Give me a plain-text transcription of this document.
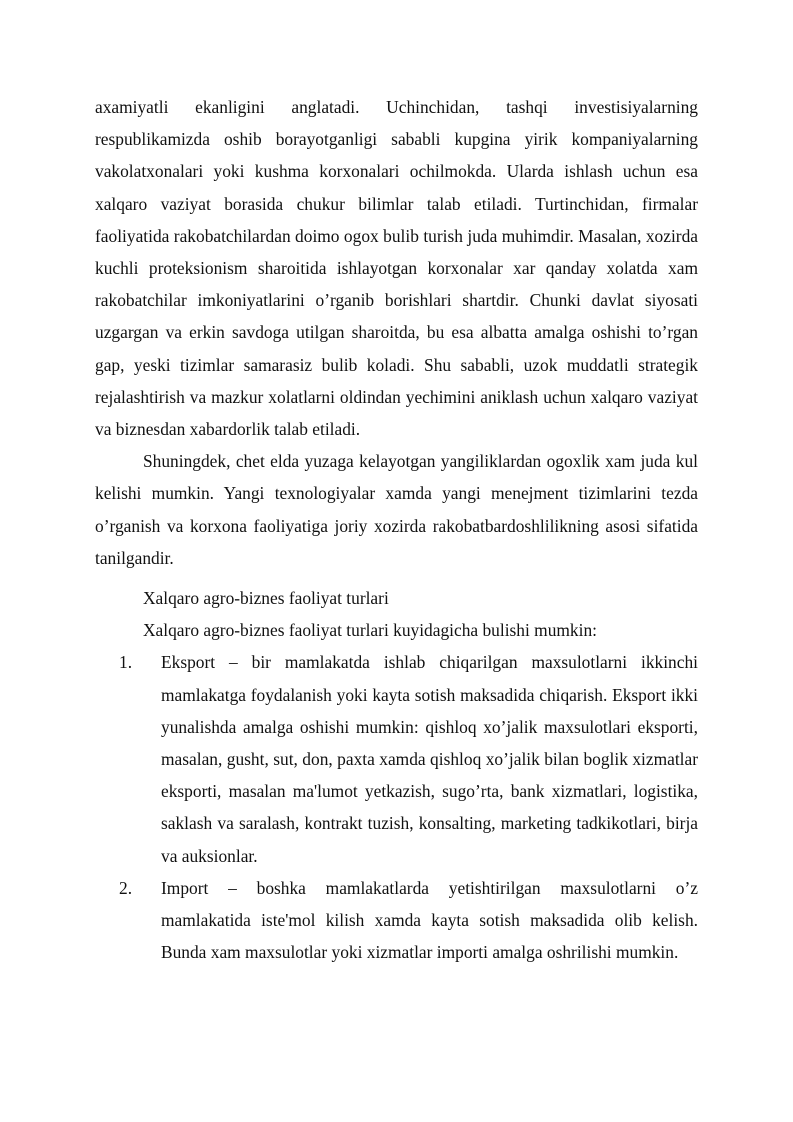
axamiyatli ekanligini anglatadi. Uchinchidan, tashqi investisiyalarning respublikamizda oshib borayotganligi sababli kupgina yirik kompaniyalarning vakolatxonalari yoki kushma korxonalari ochilmokda. Ularda ishlash uchun esa xalqaro vaziyat borasida chukur bilimlar talab etiladi. Turtinchidan, firmalar faoliyatida rakobatchilardan doimo ogox bulib turish juda muhimdir. Masalan, xozirda kuchli proteksionism sharoitida ishlayotgan korxonalar xar qanday xolatda xam rakobatchilar imkoniyatlarini o’rganib borishlari shartdir. Chunki davlat siyosati uzgargan va erkin savdoga utilgan sharoitda, bu esa albatta amalga oshishi to’rgan gap, yeski tizimlar samarasiz bulib koladi. Shu sababli, uzok muddatli strategik rejalashtirish va mazkur xolatlarni oldindan yechimini aniklash uchun xalqaro vaziyat va biznesdan xabardorlik talab etiladi.

Shuningdek, chet elda yuzaga kelayotgan yangiliklardan ogoxlik xam juda kul kelishi mumkin. Yangi texnologiyalar xamda yangi menejment tizimlarini tezda o’rganish va korxona faoliyatiga joriy xozirda rakobatbardoshlilikning asosi sifatida tanilgandir.

Xalqaro agro-biznes faoliyat turlari

Xalqaro agro-biznes faoliyat turlari kuyidagicha bulishi mumkin:

1.	Eksport – bir mamlakatda ishlab chiqarilgan maxsulotlarni ikkinchi mamlakatga foydalanish yoki kayta sotish maksadida chiqarish. Eksport ikki yunalishda amalga oshishi mumkin: qishloq xo’jalik maxsulotlari eksporti, masalan, gusht, sut, don, paxta xamda qishloq xo’jalik bilan boglik xizmatlar eksporti, masalan ma'lumot yetkazish, sugo’rta, bank xizmatlari, logistika, saklash va saralash, kontrakt tuzish, konsalting, marketing tadkikotlari, birja va auksionlar.
2.	Import – boshka mamlakatlarda yetishtirilgan maxsulotlarni o’z mamlakatida iste'mol kilish xamda kayta sotish maksadida olib kelish. Bunda xam maxsulotlar yoki xizmatlar importi amalga oshrilishi mumkin.
